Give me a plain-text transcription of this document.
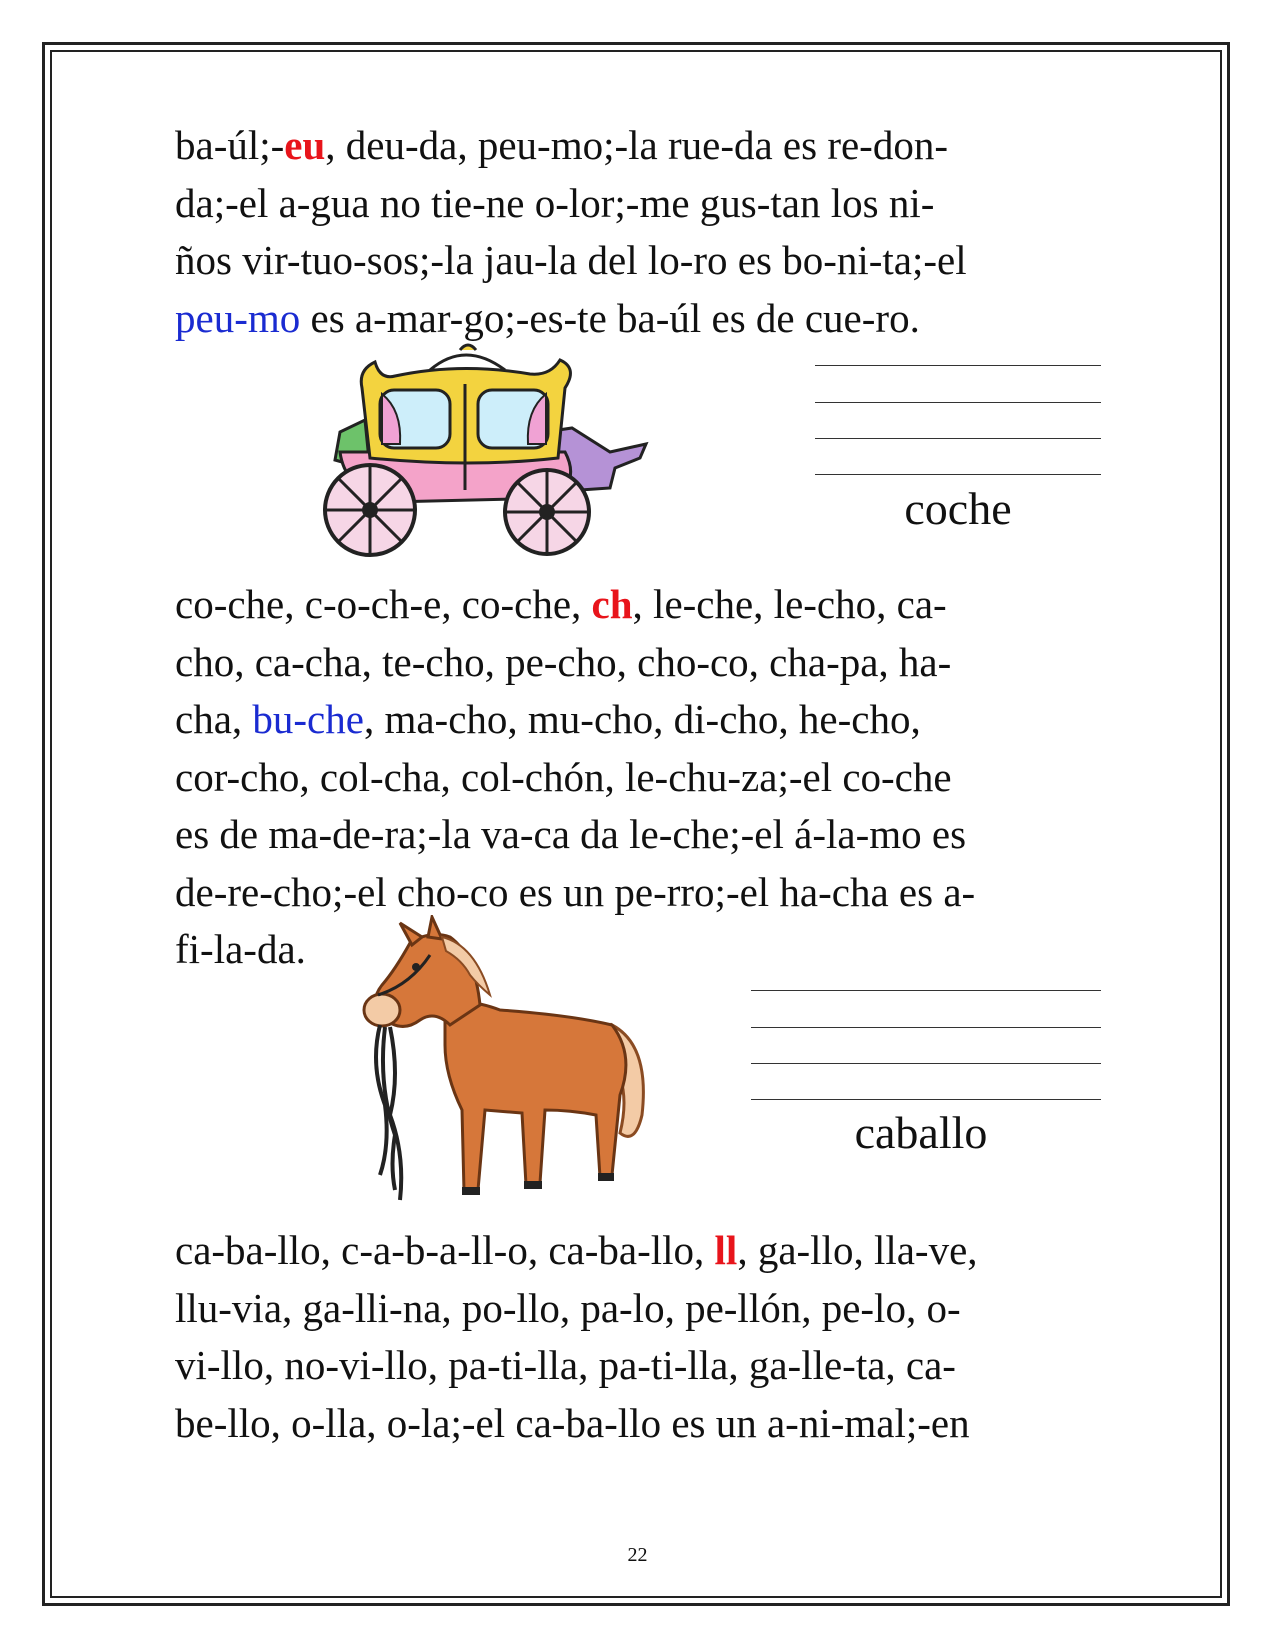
ba-úl;-eu, deu-da, peu-mo;-la rue-da es re-don-
da;-el a-gua no tie-ne o-lor;-me gus-tan los ni-
ños vir-tuo-sos;-la jau-la del lo-ro es bo-ni-ta;-el
peu-mo es a-mar-go;-es-te ba-úl es de cue-ro.

coche

co-che, c-o-ch-e, co-che, ch, le-che, le-cho, ca-
cho, ca-cha, te-cho, pe-cho, cho-co, cha-pa, ha-
cha, bu-che, ma-cho, mu-cho, di-cho, he-cho,
cor-cho, col-cha, col-chón, le-chu-za;-el co-che
es de ma-de-ra;-la va-ca da le-che;-el á-la-mo es
de-re-cho;-el cho-co es un pe-rro;-el ha-cha es a-
fi-la-da.

caballo

ca-ba-llo, c-a-b-a-ll-o, ca-ba-llo, ll, ga-llo, lla-ve,
llu-via, ga-lli-na, po-llo, pa-lo, pe-llón, pe-lo, o-
vi-llo, no-vi-llo, pa-ti-lla, pa-ti-lla, ga-lle-ta, ca-
be-llo, o-lla, o-la;-el ca-ba-llo es un a-ni-mal;-en

22
